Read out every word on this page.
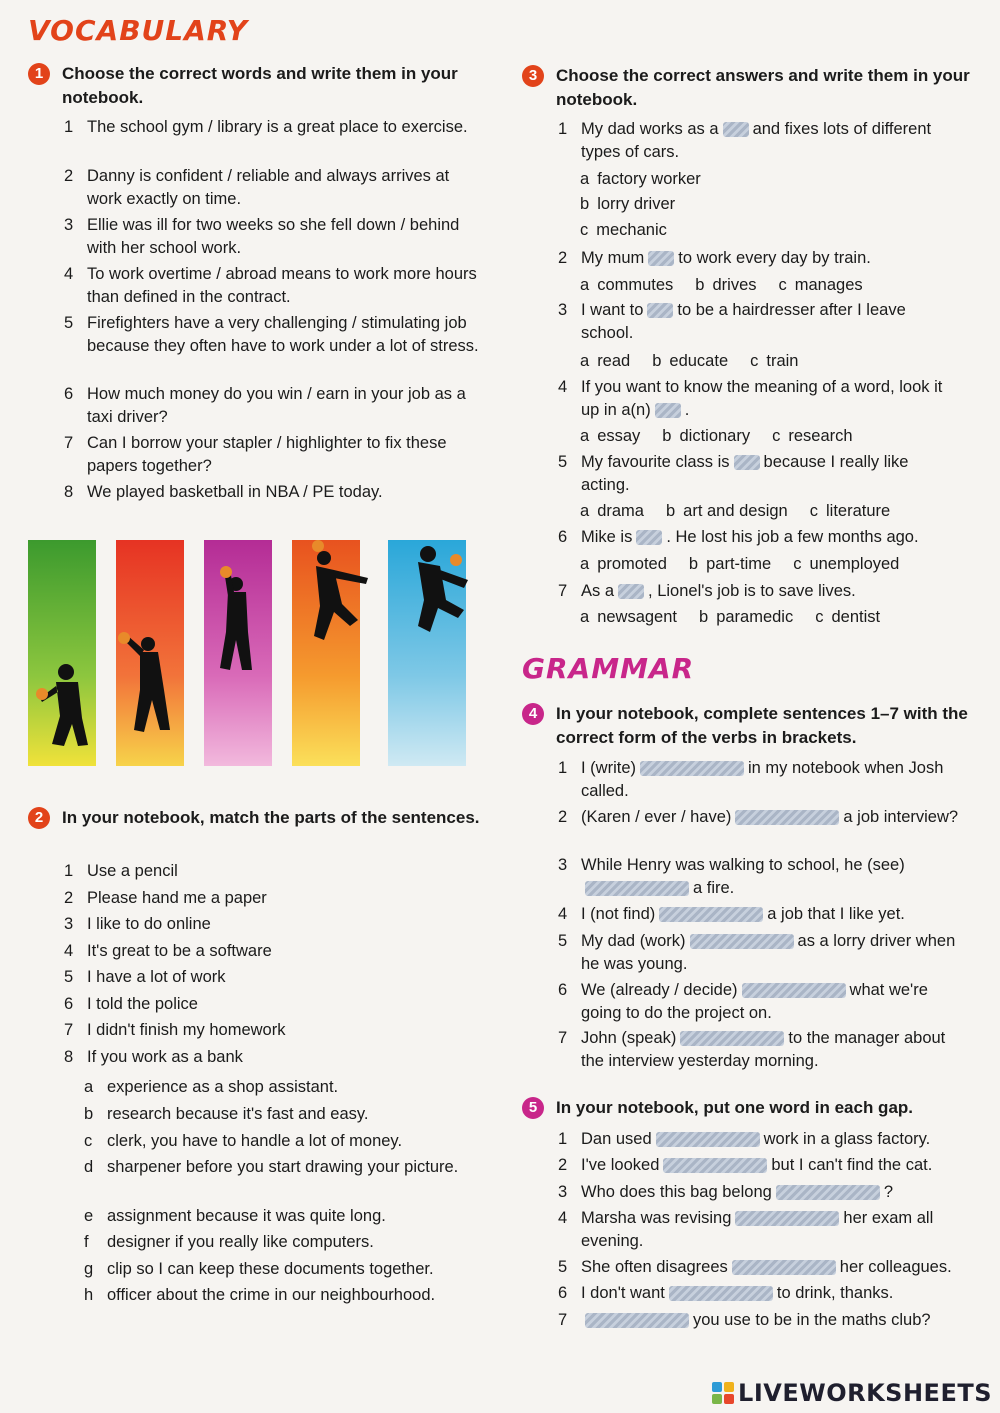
VOCABULARY
1	Choose the correct words and write them in your notebook.
1 The school gym / library is a great place to exercise.
2 Danny is confident / reliable and always arrives at work exactly on time.
3 Ellie was ill for two weeks so she fell down / behind with her school work.
4 To work overtime / abroad means to work more hours than defined in the contract.
5 Firefighters have a very challenging / stimulating job because they often have to work under a lot of stress.
6 How much money do you win / earn in your job as a taxi driver?
7 Can I borrow your stapler / highlighter to fix these papers together?
8 We played basketball in NBA / PE today.
2	In your notebook, match the parts of the sentences.
1 Use a pencil
2 Please hand me a paper
3 I like to do online
4 It's great to be a software
5 I have a lot of work
6 I told the police
7 I didn't finish my homework
8 If you work as a bank
a experience as a shop assistant.
b research because it's fast and easy.
c clerk, you have to handle a lot of money.
d sharpener before you start drawing your picture.
e assignment because it was quite long.
f	designer if you really like computers.
g clip so I can keep these documents together.
h officer about the crime in our neighbourhood.
3	Choose the correct answers and write them in your notebook.
1 My dad works as a and fixes lots of different types of cars.
a factory worker
b lorry driver
c mechanic
2 My mum to work every day by train.
a commutes b drives c manages
3 I want to to be a hairdresser after I leave school.
a read b educate c train
4 If you want to know the meaning of a word, look it up in a(n) .
a essay b dictionary c research
5 My favourite class is because I really like acting.
a drama b art and design c literature
6 Mike is . He lost his job a few months ago.
a promoted b part-time c unemployed
7 As a , Lionel's job is to save lives.
a newsagent b paramedic c dentist
GRAMMAR
4	In your notebook, complete sentences 1–7 with the correct form of the verbs in brackets.
1 I (write)	in my notebook when Josh called.
2 (Karen / ever / have)	a job interview?
3 While Henry was walking to school, he (see)a fire.
4 I (not find)	a job that I like yet.
5 My dad (work)	as a lorry driver when he was young.
6 We (already / decide)	what we're going to do the project on.
7 John (speak)	to the manager about the interview yesterday morning.
5	In your notebook, put one word in each gap.
1 Dan used	work in a glass factory.
2 I've looked	but I can't find the cat.
3 Who does this bag belong	?
4 Marsha was revising	her exam all evening.
5 She often disagrees	her colleagues.
6 I don't want	to drink, thanks.
7	you use to be in the maths club?
LIVEWORKSHEETS
